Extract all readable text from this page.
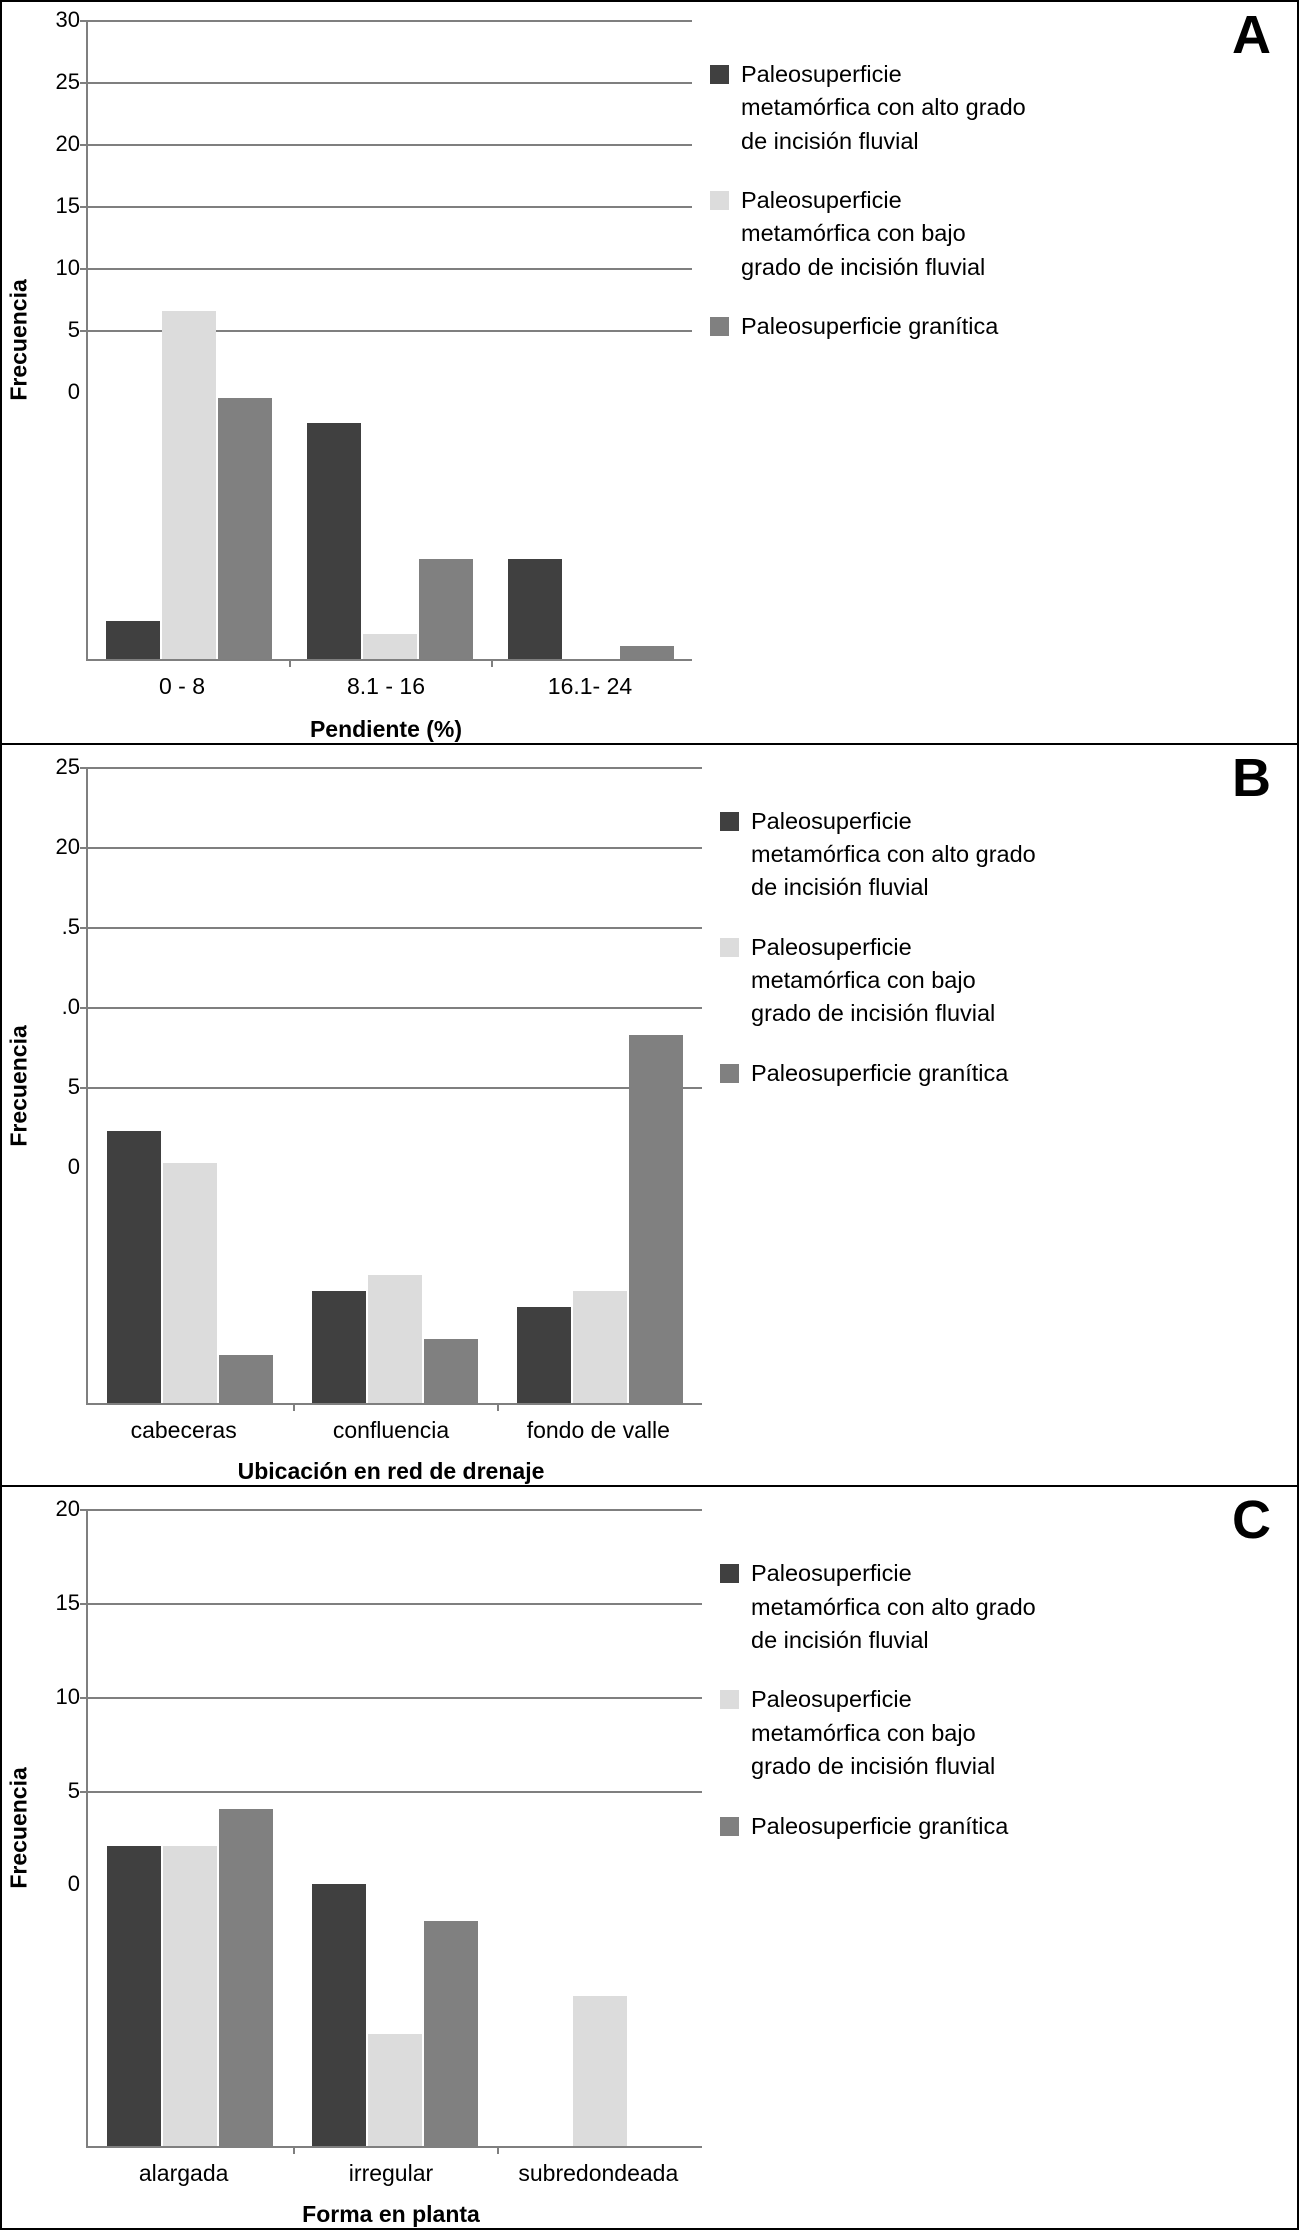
A
Frecuencia	0
5
10
15
20
25
30
0 - 8	8.1 - 16	16.1- 24
Pendiente (%)
Paleosuperficie metamórfica con alto grado de incisión fluvial
Paleosuperficie metamórfica con bajo grado de incisión fluvial
Paleosuperficie granítica
B
Frecuencia
0
5
.0
.5
20
25
cabeceras	confluencia	fondo de valle
Ubicación en red de drenaje
Paleosuperficie metamórfica con alto grado de incisión fluvial
Paleosuperficie metamórfica con bajo grado de incisión fluvial
Paleosuperficie granítica
C
Frecuencia	0
5
10
15
20
alargada	irregular	subredondeada
Forma en planta
Paleosuperficie metamórfica con alto grado de incisión fluvial
Paleosuperficie metamórfica con bajo grado de incisión fluvial
Paleosuperficie granítica
